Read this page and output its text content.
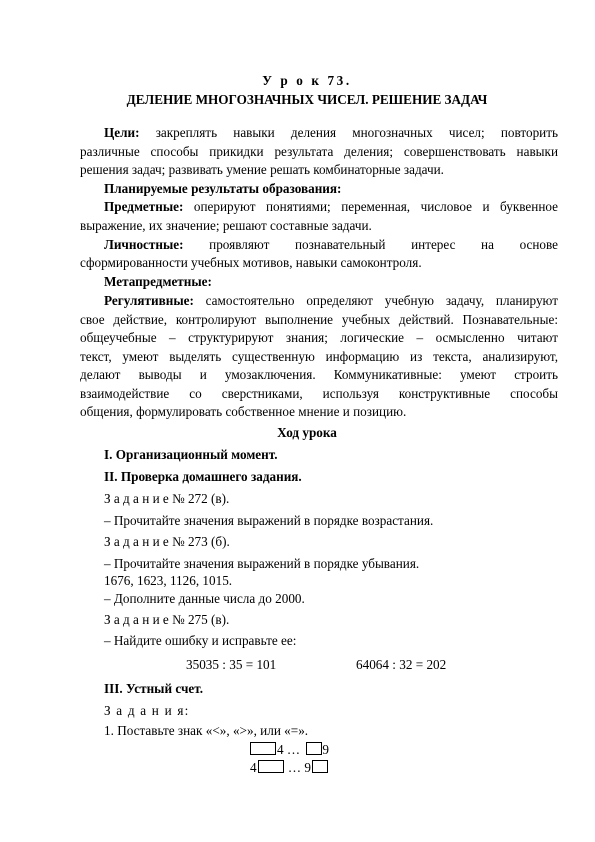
У р о к 73.
ДЕЛЕНИЕ МНОГОЗНАЧНЫХ ЧИСЕЛ. РЕШЕНИЕ ЗАДАЧ
Цели: закреплять навыки деления многозначных чисел; повторить
различные способы прикидки результата деления; совершенствовать навыки
решения задач; развивать умение решать комбинаторные задачи.
Планируемые результаты образования:
Предметные: оперируют понятиями; переменная, числовое и буквенное
выражение, их значение; решают составные задачи.
Личностные: проявляют познавательный интерес на основе
сформированности учебных мотивов, навыки самоконтроля.
Метапредметные:
Регулятивные: самостоятельно определяют учебную задачу, планируют
свое действие, контролируют выполнение учебных действий. Познавательные:
общеучебные – структурируют знания; логические – осмысленно читают
текст, умеют выделять существенную информацию из текста, анализируют,
делают выводы и умозаключения. Коммуникативные: умеют строить
взаимодействие со сверстниками, используя конструктивные способы
общения, формулировать собственное мнение и позицию.
Ход урока
I. Организационный момент.
II. Проверка домашнего задания.
З а д а н и е № 272 (в).
– Прочитайте значения выражений в порядке возрастания.
З а д а н и е № 273 (б).
– Прочитайте значения выражений в порядке убывания.
1676, 1623, 1126, 1015.
– Дополните данные числа до 2000.
З а д а н и е № 275 (в).
– Найдите ошибку и исправьте ее:
35035 : 35 = 101	64064 : 32 = 202
III. Устный счет.
З а д а н и я:
1. Поставьте знак «<», «>», или «=».
4 … 9
4 … 9
